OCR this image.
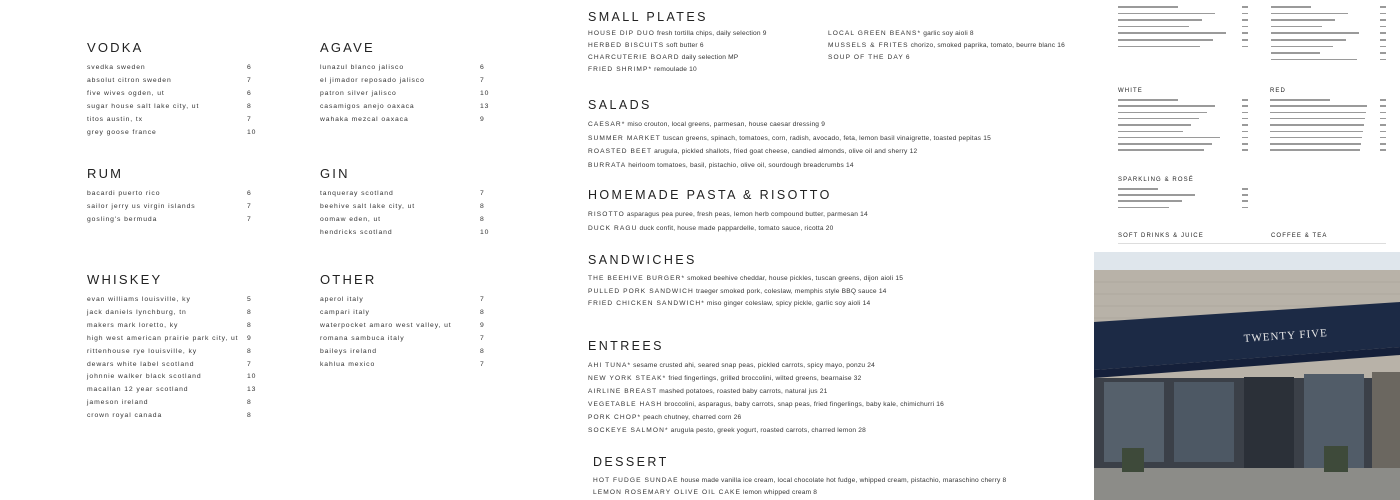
VODKA
svedka sweden	6
absolut citron sweden	7
five wives ogden, ut	6
sugar house salt lake city, ut	8
titos austin, tx	7
grey goose france	10
RUM
bacardi puerto rico	6
sailor jerry us virgin islands	7
gosling's bermuda	7
WHISKEY
evan williams louisville, ky	5
jack daniels lynchburg, tn	8
makers mark loretto, ky	8
high west american prairie park city, ut 9
rittenhouse rye louisville, ky	8
dewars white label scotland	7
johnnie walker black scotland	10
macallan 12 year scotland	13
jameson ireland	8
crown royal canada	8
AGAVE
lunazul blanco jalisco	6
el jimador reposado jalisco	7
patron silver jalisco	10
casamigos anejo oaxaca	13
wahaka mezcal oaxaca	9
GIN
tanqueray scotland	7
beehive salt lake city, ut	8
oomaw eden, ut	8
hendricks scotland	10
OTHER
aperol italy	7
campari italy	8
waterpocket amaro west valley, ut	9
romana sambuca italy	7
baileys ireland	8
kahlua mexico	7
SMALL PLATES
HOUSE DIP DUO fresh tortilla chips, daily selection 9
HERBED BISCUITS soft butter 6
CHARCUTERIE BOARD daily selection MP
FRIED SHRIMP* remoulade 10
LOCAL GREEN BEANS* garlic soy aioli 8
MUSSELS & FRITES chorizo, smoked paprika, tomato, beurre blanc 16
SOUP OF THE DAY 6
SALADS
CAESAR* miso crouton, local greens, parmesan, house caesar dressing 9
SUMMER MARKET tuscan greens, spinach, tomatoes, corn, radish, avocado, feta, lemon basil vinaigrette, toasted pepitas 15
ROASTED BEET arugula, pickled shallots, fried goat cheese, candied almonds, olive oil and sherry 12
BURRATA heirloom tomatoes, basil, pistachio, olive oil, sourdough breadcrumbs 14
HOMEMADE PASTA & RISOTTO
RISOTTO asparagus pea puree, fresh peas, lemon herb compound butter, parmesan 14
DUCK RAGU duck confit, house made pappardelle, tomato sauce, ricotta 20
SANDWICHES
THE BEEHIVE BURGER* smoked beehive cheddar, house pickles, tuscan greens, dijon aioli 15
PULLED PORK SANDWICH traeger smoked pork, coleslaw, memphis style BBQ sauce 14
FRIED CHICKEN SANDWICH* miso ginger coleslaw, spicy pickle, garlic soy aioli 14
ENTREES
AHI TUNA* sesame crusted ahi, seared snap peas, pickled carrots, spicy mayo, ponzu 24
NEW YORK STEAK* fried fingerlings, grilled broccolini, wilted greens, bearnaise 32
AIRLINE BREAST mashed potatoes, roasted baby carrots, natural jus 21
VEGETABLE HASH broccolini, asparagus, baby carrots, snap peas, fried fingerlings, baby kale, chimichurri 16
PORK CHOP* peach chutney, charred corn 26
SOCKEYE SALMON* arugula pesto, greek yogurt, roasted carrots, charred lemon 28
DESSERT
HOT FUDGE SUNDAE house made vanilla ice cream, local chocolate hot fudge, whipped cream, pistachio, maraschino cherry 8
LEMON ROSEMARY OLIVE OIL CAKE lemon whipped cream 8
WHITE	RED
SPARKLING & ROSÉ
SOFT DRINKS & JUICE	COFFEE & TEA
TWENTY FIVE
